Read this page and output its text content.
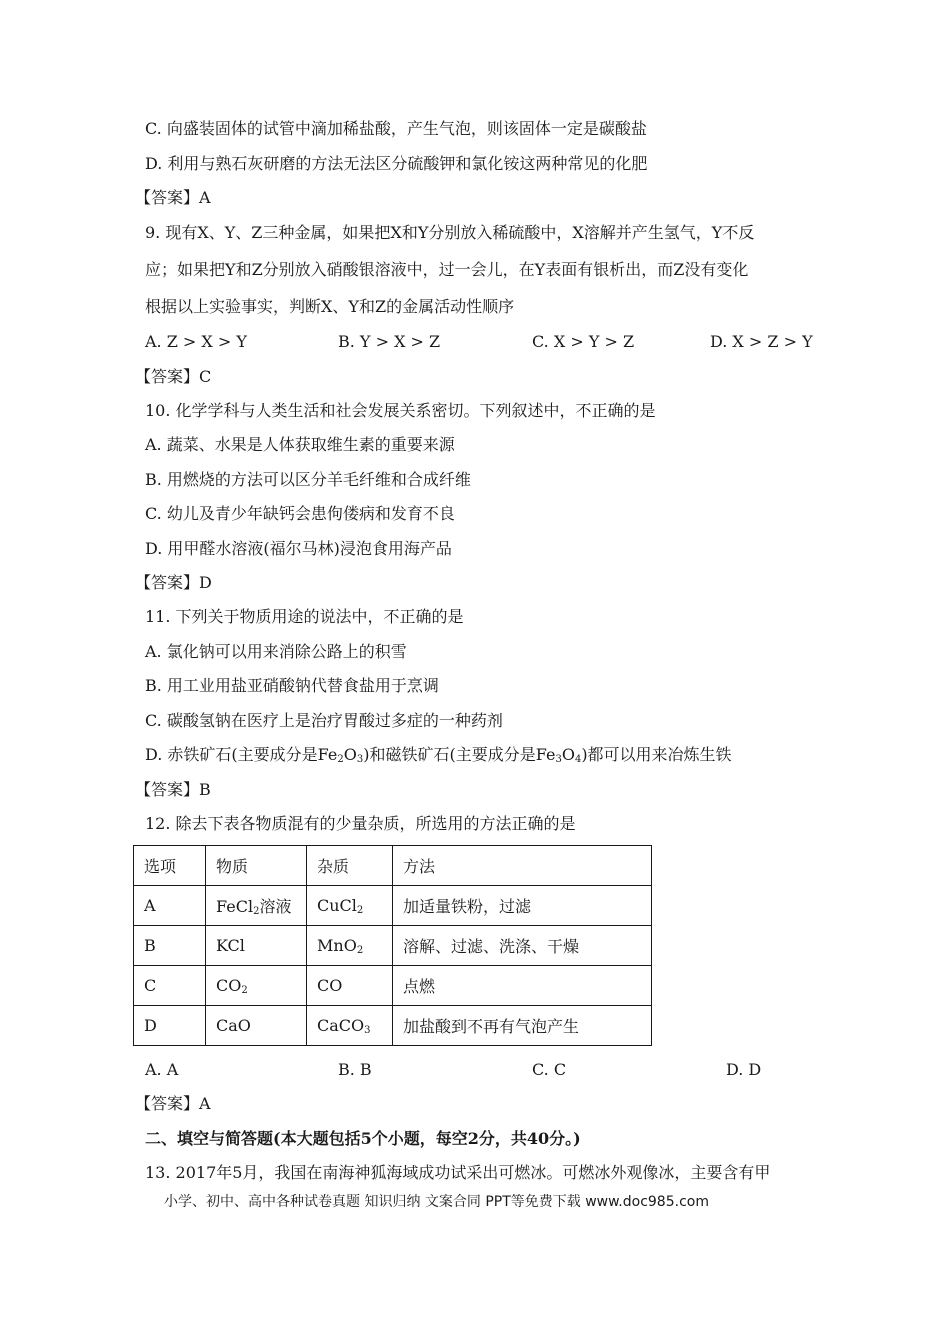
C. 向盛装固体的试管中滴加稀盐酸，产生气泡，则该固体一定是碳酸盐
D. 利用与熟石灰研磨的方法无法区分硫酸钾和氯化铵这两种常见的化肥
【答案】A
9. 现有X、Y、Z三种金属，如果把X和Y分别放入稀硫酸中，X溶解并产生氢气，Y不反
应；如果把Y和Z分别放入硝酸银溶液中，过一会儿，在Y表面有银析出，而Z没有变化
根据以上实验事实，判断X、Y和Z的金属活动性顺序
A. Z > X > Y	B. Y > X > Z	C. X > Y > Z	D. X > Z > Y
【答案】C
10. 化学学科与人类生活和社会发展关系密切。下列叙述中，不正确的是
A. 蔬菜、水果是人体获取维生素的重要来源
B. 用燃烧的方法可以区分羊毛纤维和合成纤维
C. 幼儿及青少年缺钙会患佝偻病和发育不良
D. 用甲醛水溶液(福尔马林)浸泡食用海产品
【答案】D
11. 下列关于物质用途的说法中，不正确的是
A. 氯化钠可以用来消除公路上的积雪
B. 用工业用盐亚硝酸钠代替食盐用于烹调
C. 碳酸氢钠在医疗上是治疗胃酸过多症的一种药剂
D. 赤铁矿石(主要成分是$Fe_2O_3$)和磁铁矿石(主要成分是$Fe_3O_4$)都可以用来冶炼生铁
【答案】B
12. 除去下表各物质混有的少量杂质，所选用的方法正确的是
选项	物质	杂质	方法
A	FeCl$_2$溶液	CuCl$_2$	加适量铁粉，过滤
B	KCl	MnO$_2$	溶解、过滤、洗涤、干燥
C	$CO_2$	CO	点燃
D	CaO	CaCO$_3$	加盐酸到不再有气泡产生
A. A	B. B	C. C	D. D
【答案】A
二、填空与简答题(本大题包括5个小题，每空2分，共40分。)
13. 2017年5月，我国在南海神狐海域成功试采出可燃冰。可燃冰外观像冰，主要含有甲
小学、初中、高中各种试卷真题 知识归纳 文案合同 PPT等免费下载 www.doc985.com
